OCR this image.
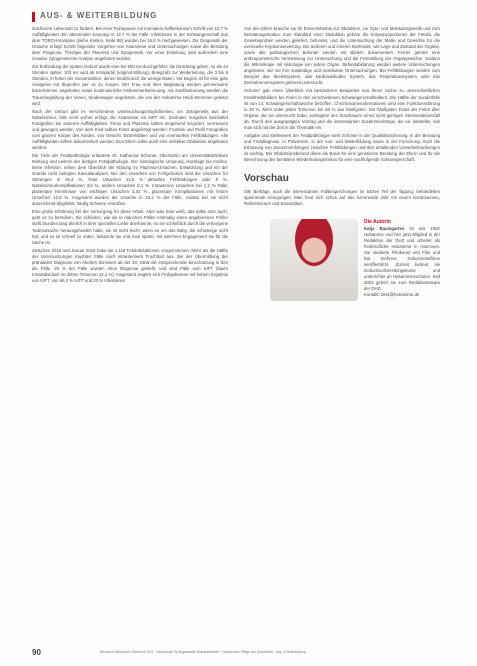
AUS- & WEITERBILDUNG

Gachische Lebensart zu fördern. Bei einer Ruhepause mit normalem Kaffeekonsum Schrift von 12,7 % Auffälligkeiten. Ein abnormaler Karyotyp in 12,7 % der Fälle. Infektionen in der Schwangerschaft aus dem TORCH-Komplex (siehe Kasten, Seite 88) wurden bei 16,8 % nachgewiesen. Zur Diagnostik der Ursache erfolgt Schritt folgender Vorgehen von Anamnese und Untersuchungen sowie die Beratung über Prognose, Therapie der Placenta und Zytogenetik. Vor einer Einleitung sind außerdem eine invasive zytogenetische Analyse angeboten worden.

Zur Entbindung der späten Geburt wurde eine bei 600 ms durchgeführt, die Einleitung geben, so als 44 Stunden später, 100 ms wird ab Intrapartal (vaginal-Stillung), Belegzahl zur Weiterleitung, die 3 bis 6 Stunden, in hoher der Gesamtzeiten, denen medizinisch die wenige Daten. Vor Beginn ist für eine gute Analgesie mit Ibuprofen per os zu sorgen. Der Frau und ihrer Begleitung werden gemeinsame Einzelzimmer angeboten sowie kontinuierliche Hebammenbetreuung. Als Nachbetreuung werden die Trauerbegleitung der Verein, Kinderwagen angeboten, die von der Hebamme Heidi Stemmen geleitet wird.

Nach der Geburt gibt es verschiedene Untersuchungsmöglichkeiten, um Zytogenetik aus der Nabelschnur, falls nicht vorher erfolgt, die Anamnese via MRT etc. Zentrales Vorgehen beinhaltet Fotografien bei anderen Auffälligkeiten. Fetus und Plazenta sollten eingehend inspiziert, vermessen und gewogen werden. Von dem Kind sollten Fotos angefertigt werden: Frontale und Profil Fotografien vom ganzen Körper des Kindes, von Gesicht, Extremitäten und von eventuellen Fehlbildungen. Alle Auffälligkeiten sollten dokumentiert werden. Den Eltern sollte auch eine selektive Obduktion angeboten werden.

Die Tiefe der Fetalpathologie erläuterte Dr. Katharina Schoner, Oberärztin am Universitätsklinikum Marburg und Leiterin der dortigen Fetalpathologie. Der histologische Ursprung, Hochlage bis Aszites, keine Infektion, neben dem Überblick der Klärung im Plazenta-Ursachen, Entwicklung und ein der Gründe nicht belegten Kausalanalysen. Bei den Ursachen von Fehlgeburten sind die Ursachen für Störungen in 46,4 %, feste Ursachen 12,6 % aktuellen Fehlbildungen oder 8 %, Nabelschnurkomplikationen 3,8 %, andere Ursachen 8,1 %. Intrauterine Ursachen bei 1,2 % Fälle; plazentare Kenntnisse von wichtigen Ursachen 1,02 %, plazentare Komplikationen mit festen Ursachen 12,8 %. Insgesamt wurden die Ursache in 13,2 % der Fälle, sodass bei sie nicht ausreichend abgeklärt, häufig Schwere erworben.

Eine große Erfahrung bei der Versorgung für diese Arbeit. Aber was man weiß, das sollte man auch, geht es zu betreiben. Sie schildern, wie sie in manchen Fällen erstmalig einen angeborenen Fehler stellt Stunden lang ähnlich in ihrer speziellen Liebe anerkannte, so sie schließlich durch die verborgene Todesursache herausgefunden habe, sie ist nicht leicht, wenn es um das Baby, die schwierige nicht hat, und es ist schnell zu reden, bekannte sie und man spürte, mit welchem Engagement sie für die Sache ist.

Zwischen 2016 und Januar 2020 habe sie 1.118 Fetalobduktionen vorgenommen. Mehr als die Hälfte der Untersuchungen machten Fälle nach intrauterinem Fruchttod aus. Bei der Übermittlung der pränatalen Diagnose von Aborten dominiert ab der 20. SSW die entsprechende Einschätzung in den die Fälle. 26 % der Fälle wurden ohne Diagnose gestellt, und sind Fälle vom IUFT (kaum Intraindividuell im dritten Trimenon 12,1 %). Insgesamt zeigten sich Frühgeborene mit hohem Ergebnis von IUFT, von 69,3 % IUFT und 23 % Infektionen.

Von den Eltern brauche sie Ihr Einverständnis zur Obduktion, zur Zyto- und Molekulargenetik und zum Bestattungsmodus. Zum Standard einer Obduktion gehöre die Körperproportionen der Fetalis, die Gewebeproben werden geliefert, befundet, und die Untersuchung der Maße und Gewichte für die eventuelle Kryokonservierung. Die äußeren und inneren Merkmale, wie Lage und Zustand der Organe, sowie alle pathologischen Befunde werden mit Bildern dokumentiert. Ferner gehöre eine anthropometrische Vermessung zur Untersuchung und die Feststellung der Organgewichte. Sodann die Mikroskopie mit Histologie von jedem Organ. Befundabklärung werden weitere Untersuchungen angeboten, wie sie ihre zuständige und molekulare Untersuchungen. Bei Fehlbildungen würden zum Beispiel das Skelettsystem, das kardiovaskuläre System, das Respirationssystem oder das Zentralnervensystem getrennt untersucht.

Schoner gab einen Überblick mit besonderen Beispielen aus ihrem Archiv zu unterschiedlichen Krankheitsbildern bei Feten in den verschiedenen Schwangerschaftsaltern. Die Hälfte der Sonderfälle ist von 14. Schwangerschaftswoche betroffen. Chromosomenaberrationen sind eine Funktionsstörung in 20 %. Mehr unter jeden Trimenon bei 68 % aus häufigsten. Die häufigsten Fotos der Feten aller Organe, die sie untersucht habe, verlangten den Zuschauern einen nicht geringen Stressreaktionsfall ab. Durch den ausgeprägten Vortrag und die interessanten Zusammenhänge, die sie darstellte, sah man sich mit der Zeit in die Thematik ein.

Aufgabe und Stellenwert der Fetalpathologie sieht Schoner in der Qualitätssicherung, in der Beratung und Frühdiagnose, in Prävention, in der Aus- und Weiterbildung sowie in der Forschung. Auch die Erfassung von Zusammenhängen zwischen Fehlbildungen und den anfallenden Umwelterkrankungen ist wichtig. Der Obduktionsbefund diene als Basis für eine genetische Beratung der Eltern und für die Berechnung des familiären Wiederholungsrisikos für eine nachfolgende Schwangerschaft.

Vorschau

Alle Beiträge, auch die interessanten Fallbesprechungen im letzten Teil der Tagung, behandelten spannende Anregungen. Man freut sich schon auf das kommende Jahr mit neuen Kontroversen, Referentinnen und Kasuistiken.

Die Autorin
Katja Baumgarten ist seit 1982 Hebamme und hier jetzt Mitglied in der Redaktion der DHZ und arbeitet als freiberufliche Hebamme in Hannover. Sie studierte Filmkunst und Film und hat mehrere Dokumentarfilme veröffentlicht. Zurzeit betreut sie Geburtsvorbereitungskurse und unterrichtet an Hebammenschulen. Seit 2003 gehört sie zum Redaktionsteam der DHZ.
Kontakt: DHZ@hebamme.de
90	Deutsche Hebammen Zeitschrift 2021 · Hochschule für Angewandte Wissenschaften · Fachbereich Pflege und Gesundheit · Aus- & Weiterbildung
